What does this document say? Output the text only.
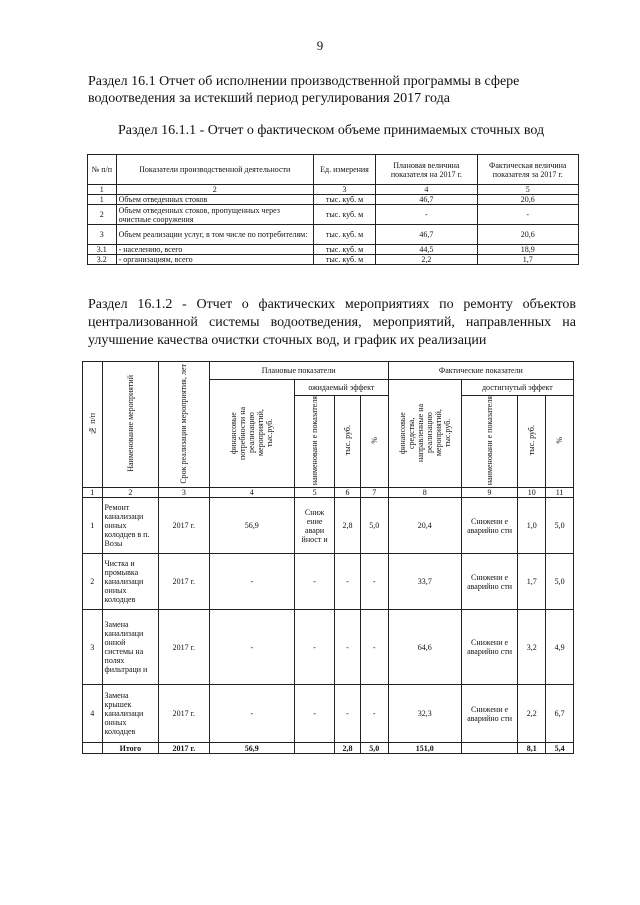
9
Раздел 16.1 Отчет об исполнении производственной программы в сфере водоотведения за истекший период регулирования 2017 года
Раздел 16.1.1 - Отчет о фактическом объеме принимаемых сточных вод
№ п/п	Показатели производственной деятельности	Ед. измерения	Плановая величина показателя на 2017 г.	Фактическая величина показателя за 2017 г.
1	2	3	4	5
1	Объем отведенных стоков	тыс. куб. м	46,7	20,6
2	Объем отведенных стоков, пропущенных через очистные сооружения	тыс. куб. м	-	-
3	Объем реализации услуг, в том числе по потребителям:	тыс. куб. м	46,7	20,6
3.1	- населению, всего	тыс. куб. м	44,5	18,9
3.2	- организациям, всего	тыс. куб. м	2,2	1,7
Раздел 16.1.2 - Отчет о фактических мероприятиях по ремонту объектов централизованной системы водоотведения, мероприятий, направленных на улучшение качества очистки сточных вод, и график их реализации
№ п/п	Наименование мероприятий	Срок реализации мероприятия, лет	Плановые показатели				Фактические показатели			
			финансовые потребности на реализацию мероприятий, тыс.руб.	ожидаемый эффект			финансовые средства, направленные на реализацию мероприятий, тыс.руб.	достигнутый эффект		
				наименовани е показателя	тыс. руб.	%		наименовани е показателя	тыс. руб.	%
1	2	3	4	5	6	7	8	9	10	11
1	Ремонт канализаци онных колодцев в п. Возы	2017 г.	56,9	Сниж ение авари йност и	2,8	5,0	20,4	Снижени е аварийно сти	1,0	5,0
2	Чистка и промывка канализаци онных колодцев	2017 г.	-	-	-	-	33,7	Снижени е аварийно сти	1,7	5,0
3	Замена канализаци онной системы на полях фильтраци и	2017 г.	-	-	-	-	64,6	Снижени е аварийно сти	3,2	4,9
4	Замена крышек канализаци онных колодцев	2017 г.	-	-	-	-	32,3	Снижени е аварийно сти	2,2	6,7
	Итого	2017 г.	56,9		2,8	5,0	151,0		8,1	5,4
